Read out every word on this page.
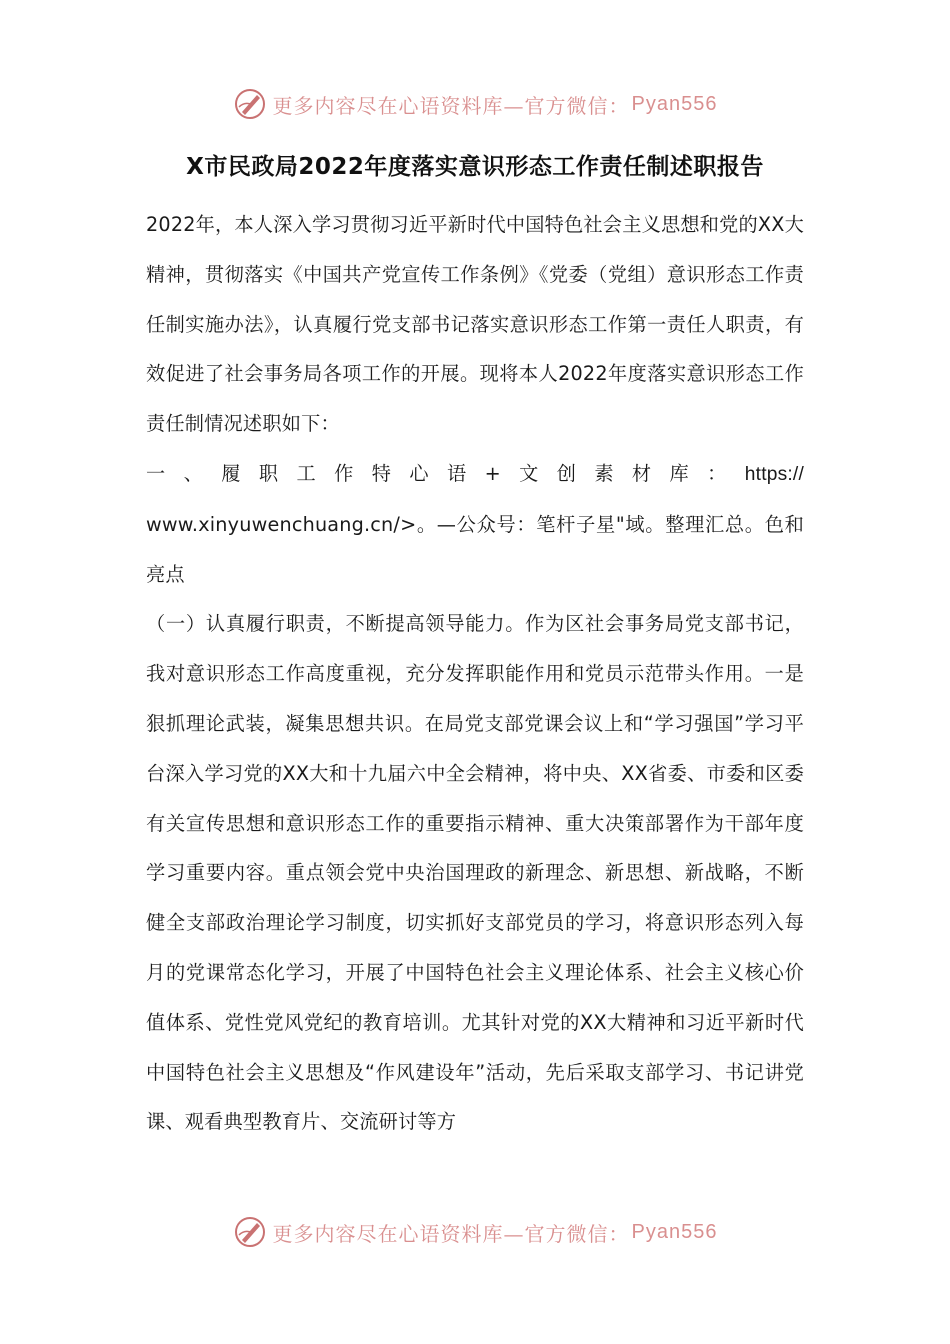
更多内容尽在心语资料库—官方微信： Pyan556
X市民政局2022年度落实意识形态工作责任制述职报告
2022年，本人深入学习贯彻习近平新时代中国特色社会主义思想和党的XX大精神，贯彻落实《中国共产党宣传工作条例》《党委（党组）意识形态工作责任制实施办法》，认真履行党支部书记落实意识形态工作第一责任人职责，有效促进了社会事务局各项工作的开展。现将本人2022年度落实意识形态工作责任制情况述职如下：
一、履职工作特心语+文创素材库：https://
www.xinyuwenchuang.cn/>。—公众号：笔杆子星"域。整理汇总。色和亮点
（一）认真履行职责，不断提高领导能力。作为区社会事务局党支部书记，我对意识形态工作高度重视，充分发挥职能作用和党员示范带头作用。一是狠抓理论武装，凝集思想共识。在局党支部党课会议上和“学习强国”学习平台深入学习党的XX大和十九届六中全会精神，将中央、XX省委、市委和区委有关宣传思想和意识形态工作的重要指示精神、重大决策部署作为干部年度学习重要内容。重点领会党中央治国理政的新理念、新思想、新战略，不断健全支部政治理论学习制度，切实抓好支部党员的学习，将意识形态列入每月的党课常态化学习，开展了中国特色社会主义理论体系、社会主义核心价值体系、党性党风党纪的教育培训。尤其针对党的XX大精神和习近平新时代中国特色社会主义思想及“作风建设年”活动，先后采取支部学习、书记讲党课、观看典型教育片、交流研讨等方
更多内容尽在心语资料库—官方微信： Pyan556
